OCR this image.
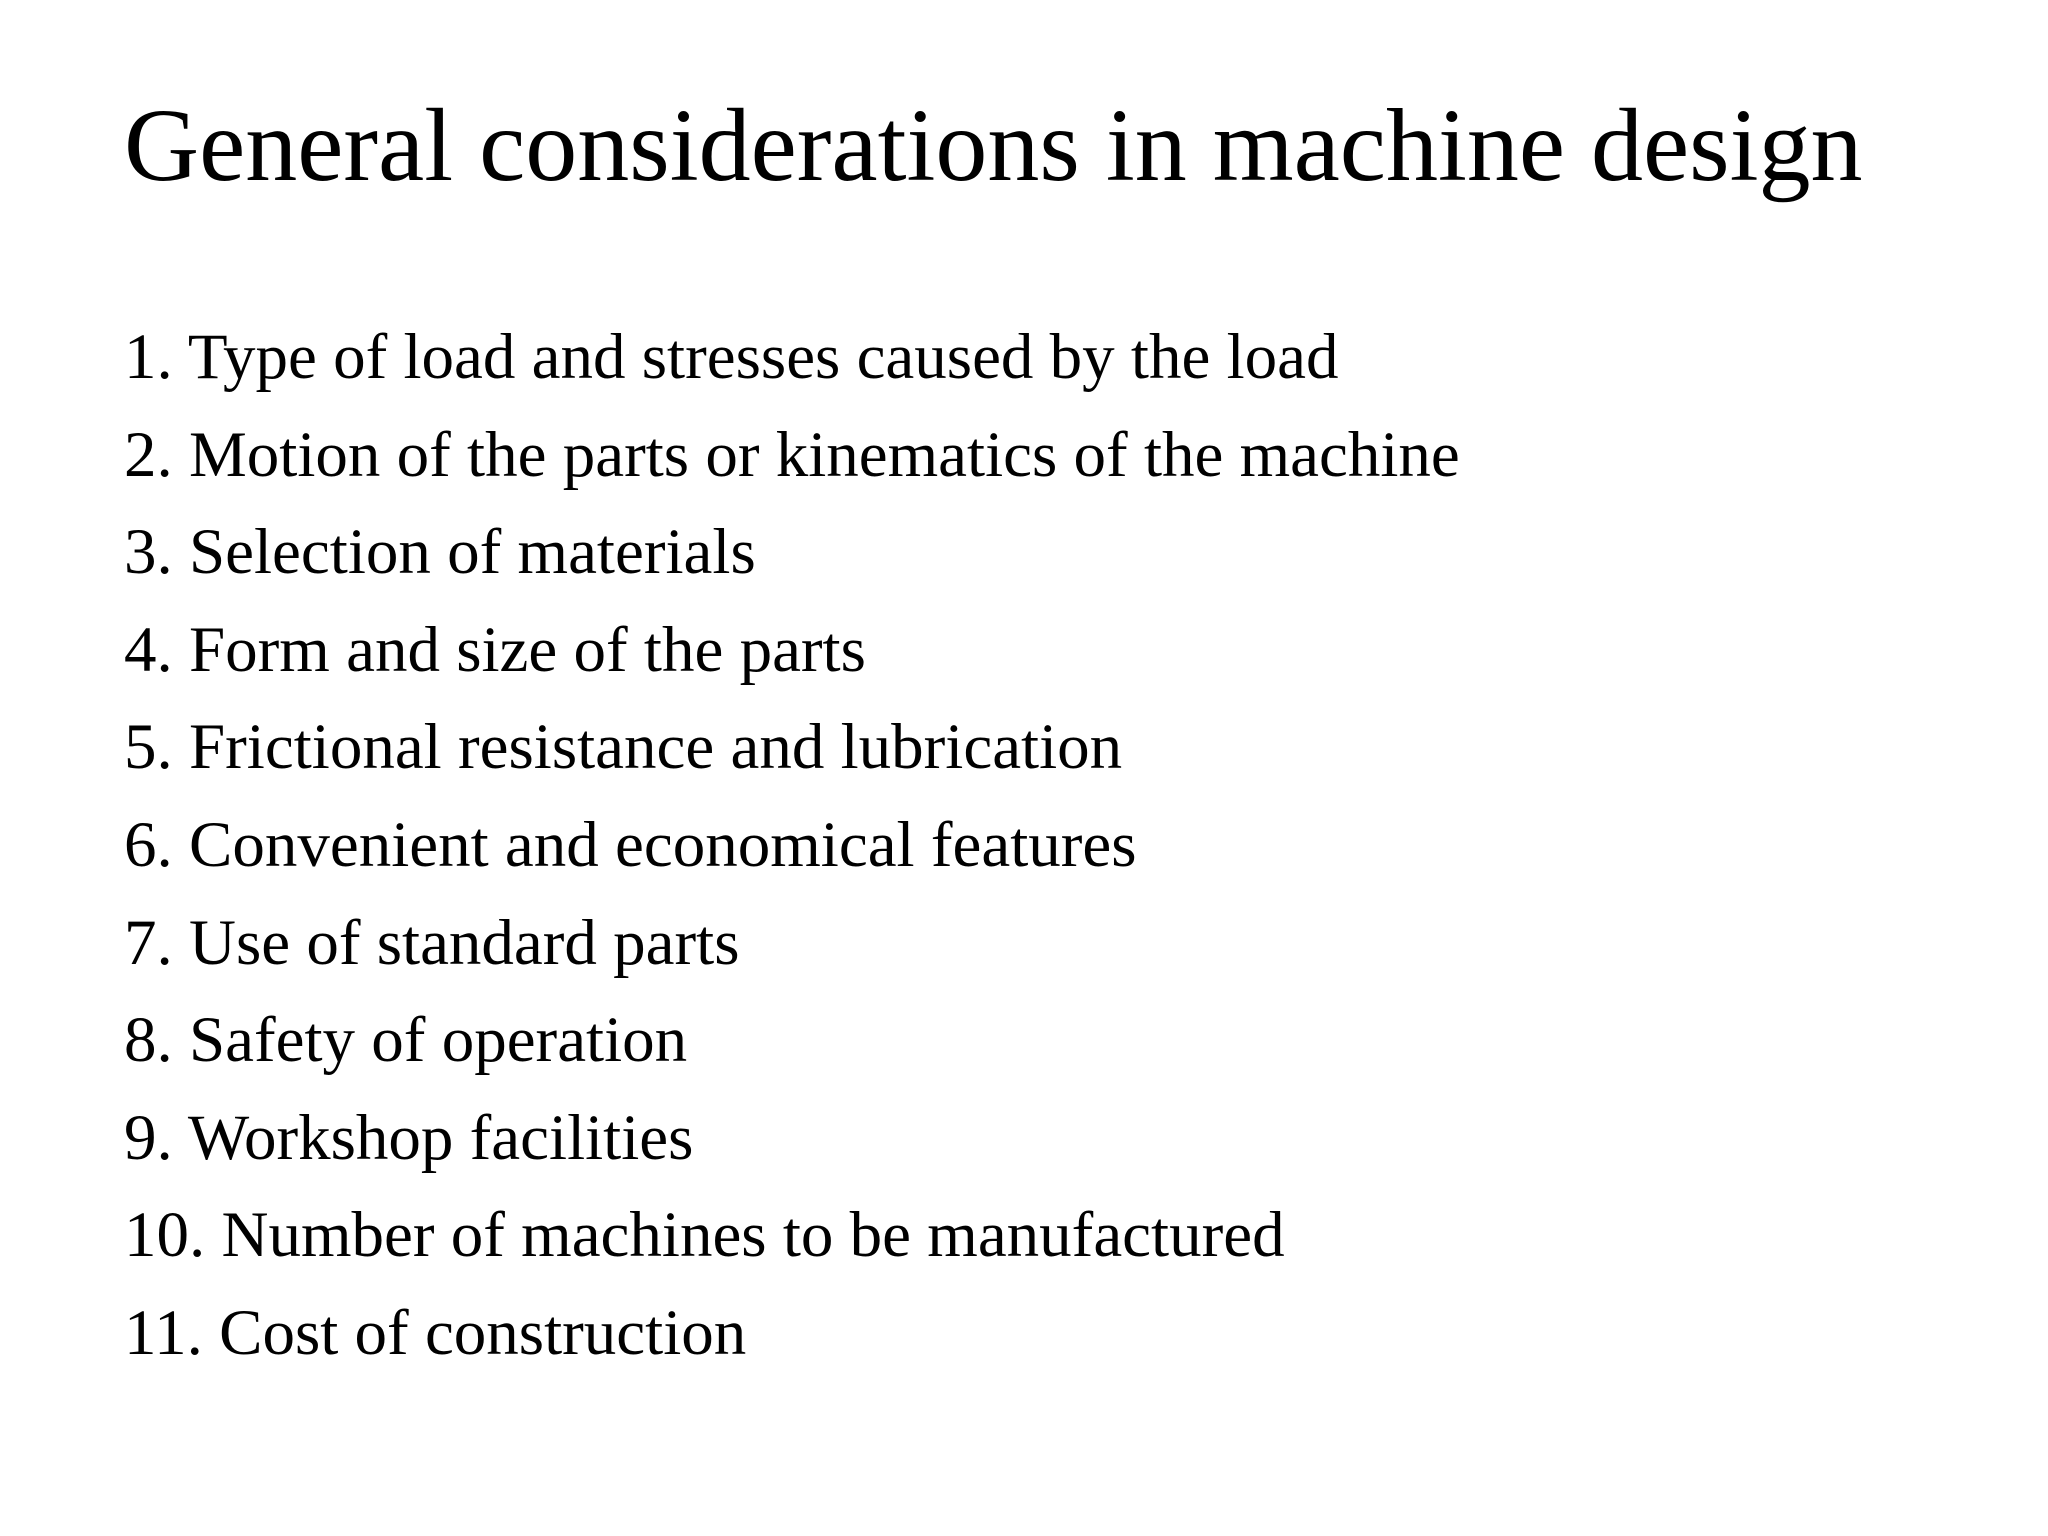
General considerations in machine design
1. Type of load and stresses caused by the load
2. Motion of the parts or kinematics of the machine
3. Selection of materials
4. Form and size of the parts
5. Frictional resistance and lubrication
6. Convenient and economical features
7. Use of standard parts
8. Safety of operation
9. Workshop facilities
10. Number of machines to be manufactured
11. Cost of construction
